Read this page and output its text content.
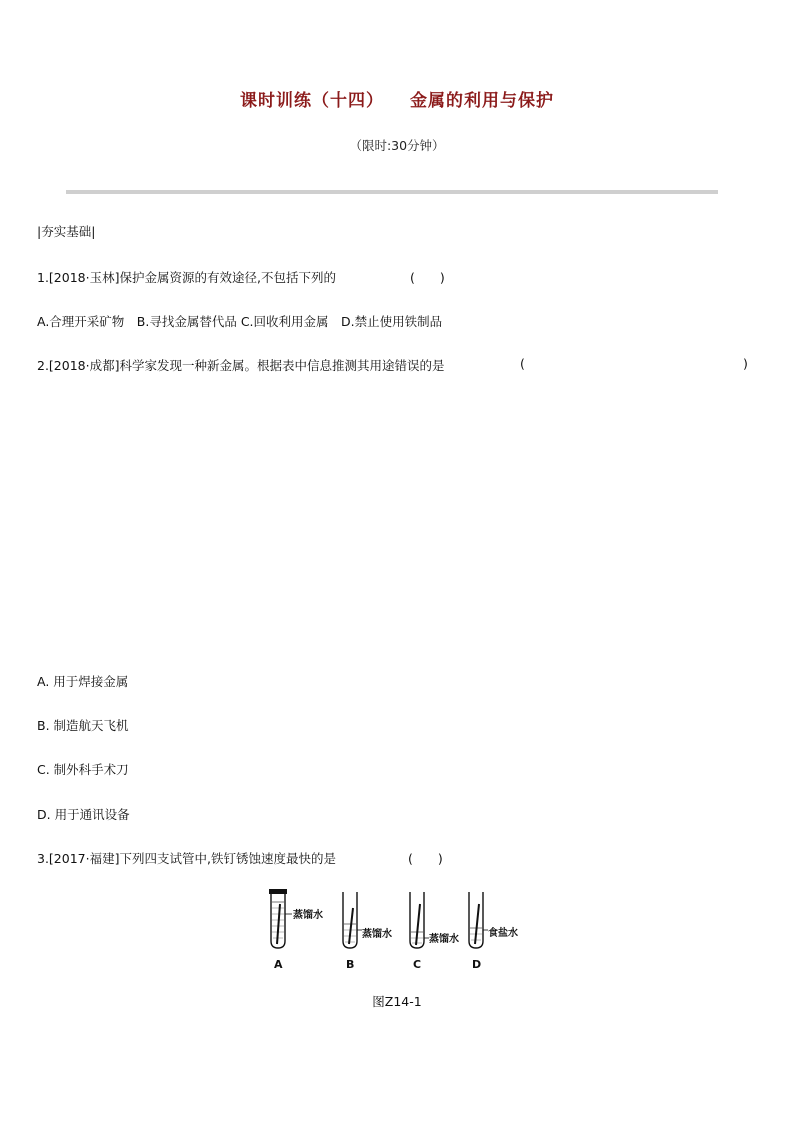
课时训练（十四） 金属的利用与保护
（限时:30分钟）
|夯实基础|
1.[2018·玉林]保护金属资源的有效途径,不包括下列的	(　　)
A.合理开采矿物　B.寻找金属替代品 C.回收利用金属　D.禁止使用铁制品
2.[2018·成都]科学家发现一种新金属。根据表中信息推测其用途错误的是	(	)
A. 用于焊接金属
B. 制造航天飞机
C. 制外科手术刀
D. 用于通讯设备
3.[2017·福建]下列四支试管中,铁钉锈蚀速度最快的是	(　　)
蒸馏水
A
蒸馏水
B
蒸馏水
C
食盐水
D
图Z14-1
